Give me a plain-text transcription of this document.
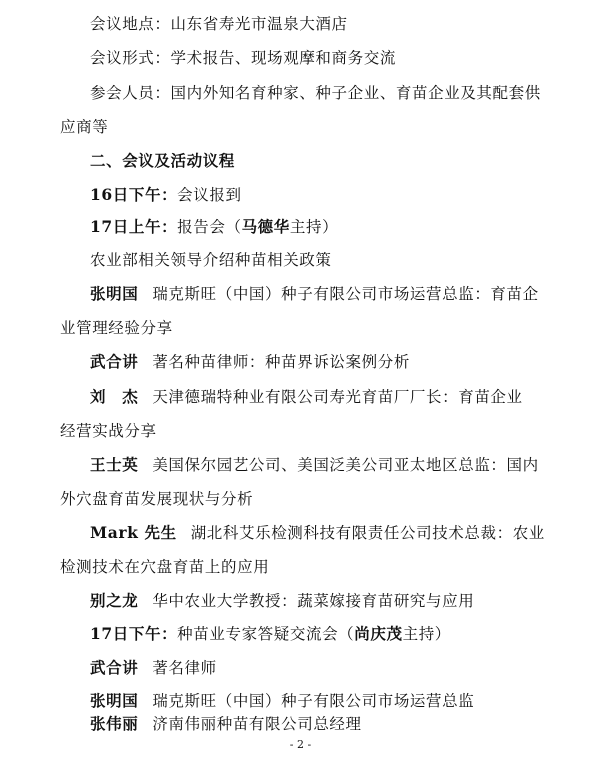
会议地点：山东省寿光市温泉大酒店
会议形式：学术报告、现场观摩和商务交流
参会人员：国内外知名育种家、种子企业、育苗企业及其配套供
应商等
二、会议及活动议程
16日下午：会议报到
17日上午：报告会（马德华主持）
农业部相关领导介绍种苗相关政策
张明国 瑞克斯旺（中国）种子有限公司市场运营总监：育苗企
业管理经验分享
武合讲 著名种苗律师：种苗界诉讼案例分析
刘　杰 天津德瑞特种业有限公司寿光育苗厂厂长：育苗企业
经营实战分享
王士英 美国保尔园艺公司、美国泛美公司亚太地区总监：国内
外穴盘育苗发展现状与分析
Mark 先生 湖北科艾乐检测科技有限责任公司技术总裁：农业
检测技术在穴盘育苗上的应用
别之龙 华中农业大学教授：蔬菜嫁接育苗研究与应用
17日下午：种苗业专家答疑交流会（尚庆茂主持）
武合讲 著名律师
张明国 瑞克斯旺（中国）种子有限公司市场运营总监
张伟丽 济南伟丽种苗有限公司总经理
- 2 -
